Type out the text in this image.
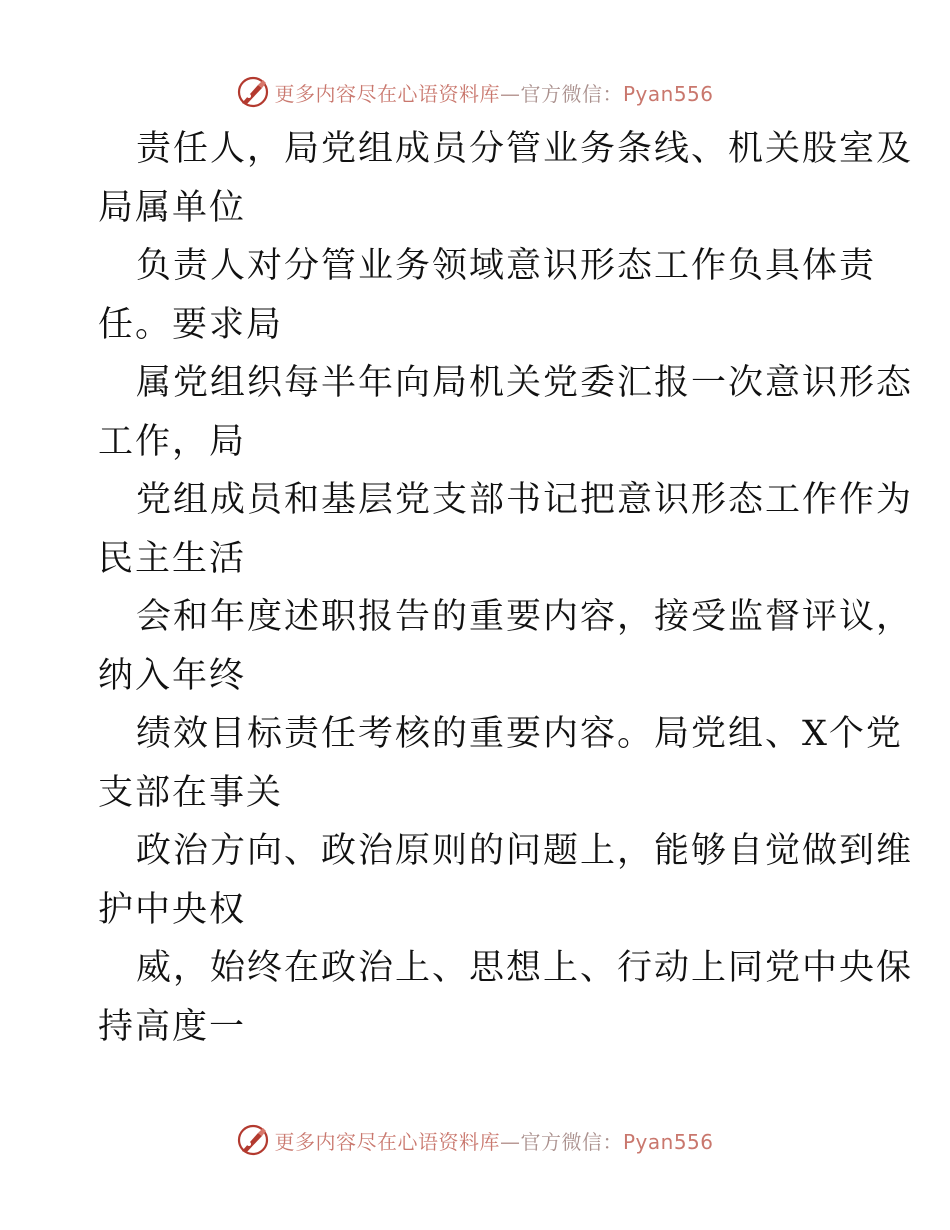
更多内容尽在心语资料库—官方微信：Pyan556
责任人，局党组成员分管业务条线、机关股室及
局属单位
负责人对分管业务领域意识形态工作负具体责
任。要求局
属党组织每半年向局机关党委汇报一次意识形态
工作，局
党组成员和基层党支部书记把意识形态工作作为
民主生活
会和年度述职报告的重要内容，接受监督评议，
纳入年终
绩效目标责任考核的重要内容。局党组、X个党
支部在事关
政治方向、政治原则的问题上，能够自觉做到维
护中央权
威，始终在政治上、思想上、行动上同党中央保
持高度一
更多内容尽在心语资料库—官方微信：Pyan556
